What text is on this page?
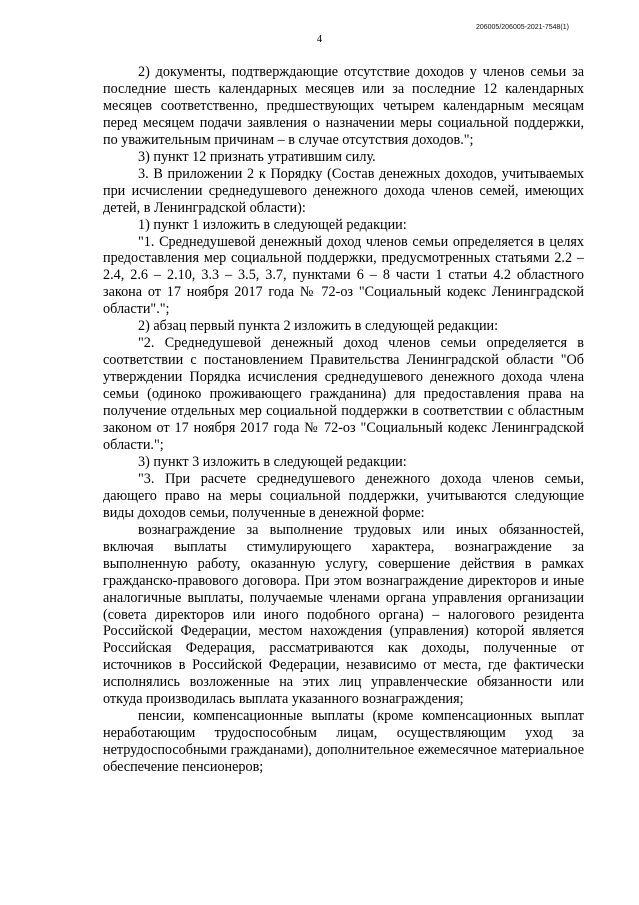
206005/206005-2021-7548(1)
4

2) документы, подтверждающие отсутствие доходов у членов семьи за последние шесть календарных месяцев или за последние 12 календарных месяцев соответственно, предшествующих четырем календарным месяцам перед месяцем подачи заявления о назначении меры социальной поддержки, по уважительным причинам – в случае отсутствия доходов.";

3) пункт 12 признать утратившим силу.

3. В приложении 2 к Порядку (Состав денежных доходов, учитываемых при исчислении среднедушевого денежного дохода членов семей, имеющих детей, в Ленинградской области):

1) пункт 1 изложить в следующей редакции:

"1. Среднедушевой денежный доход членов семьи определяется в целях предоставления мер социальной поддержки, предусмотренных статьями 2.2 – 2.4, 2.6 – 2.10, 3.3 – 3.5, 3.7, пунктами 6 – 8 части 1 статьи 4.2 областного закона от 17 ноября 2017 года № 72-оз "Социальный кодекс Ленинградской области".";

2) абзац первый пункта 2 изложить в следующей редакции:

"2. Среднедушевой денежный доход членов семьи определяется в соответствии с постановлением Правительства Ленинградской области "Об утверждении Порядка исчисления среднедушевого денежного дохода члена семьи (одиноко проживающего гражданина) для предоставления права на получение отдельных мер социальной поддержки в соответствии с областным законом от 17 ноября 2017 года № 72-оз "Социальный кодекс Ленинградской области.";

3) пункт 3 изложить в следующей редакции:

"3. При расчете среднедушевого денежного дохода членов семьи, дающего право на меры социальной поддержки, учитываются следующие виды доходов семьи, полученные в денежной форме:

вознаграждение за выполнение трудовых или иных обязанностей, включая выплаты стимулирующего характера, вознаграждение за выполненную работу, оказанную услугу, совершение действия в рамках гражданско-правового договора. При этом вознаграждение директоров и иные аналогичные выплаты, получаемые членами органа управления организации (совета директоров или иного подобного органа) – налогового резидента Российской Федерации, местом нахождения (управления) которой является Российская Федерация, рассматриваются как доходы, полученные от источников в Российской Федерации, независимо от места, где фактически исполнялись возложенные на этих лиц управленческие обязанности или откуда производилась выплата указанного вознаграждения;

пенсии, компенсационные выплаты (кроме компенсационных выплат неработающим трудоспособным лицам, осуществляющим уход за нетрудоспособными гражданами), дополнительное ежемесячное материальное обеспечение пенсионеров;
